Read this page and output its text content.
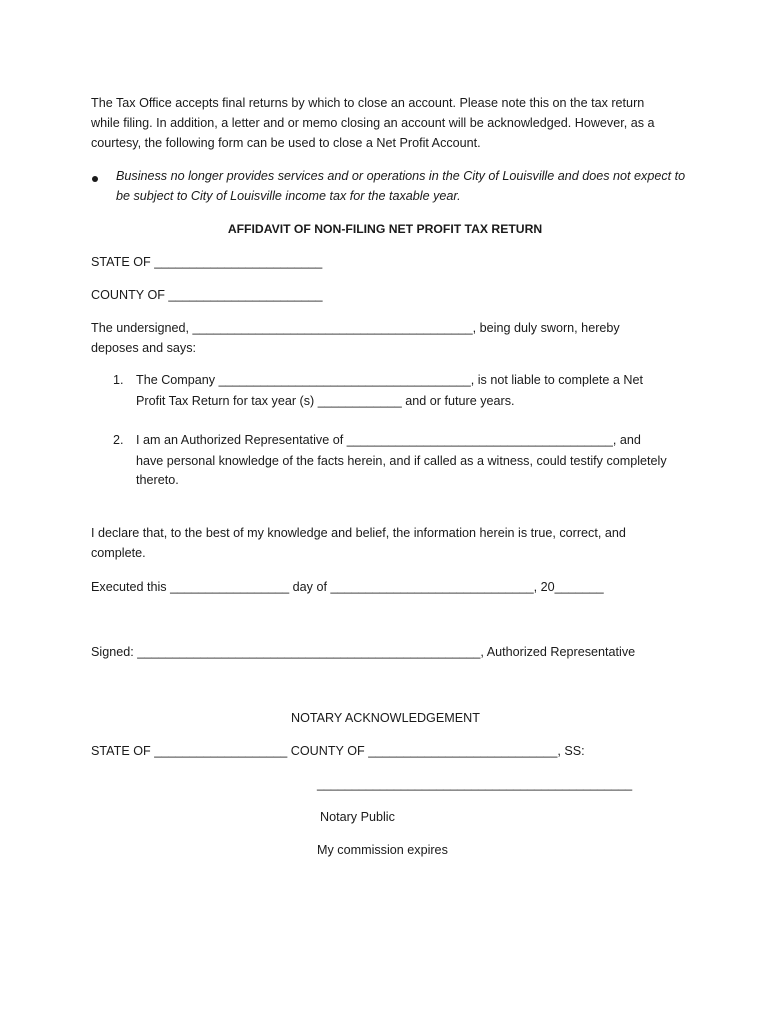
The Tax Office accepts final returns by which to close an account. Please note this on the tax return
while filing. In addition, a letter and or memo closing an account will be acknowledged. However, as a
courtesy, the following form can be used to close a Net Profit Account.
Business no longer provides services and or operations in the City of Louisville and does not expect to
be subject to City of Louisville income tax for the taxable year.
AFFIDAVIT OF NON-FILING NET PROFIT TAX RETURN
STATE OF ________________________
COUNTY OF ______________________
The undersigned, ________________________________________, being duly sworn, hereby
deposes and says:
1. The Company ____________________________________, is not liable to complete a Net
Profit Tax Return for tax year (s) ____________ and or future years.
2. I am an Authorized Representative of ______________________________________, and
have personal knowledge of the facts herein, and if called as a witness, could testify completely
thereto.
I declare that, to the best of my knowledge and belief, the information herein is true, correct, and
complete.
Executed this _________________ day of _____________________________, 20_______
Signed: _________________________________________________, Authorized Representative
NOTARY ACKNOWLEDGEMENT
STATE OF ___________________ COUNTY OF ___________________________, SS:
_____________________________________________
Notary Public
My commission expires
